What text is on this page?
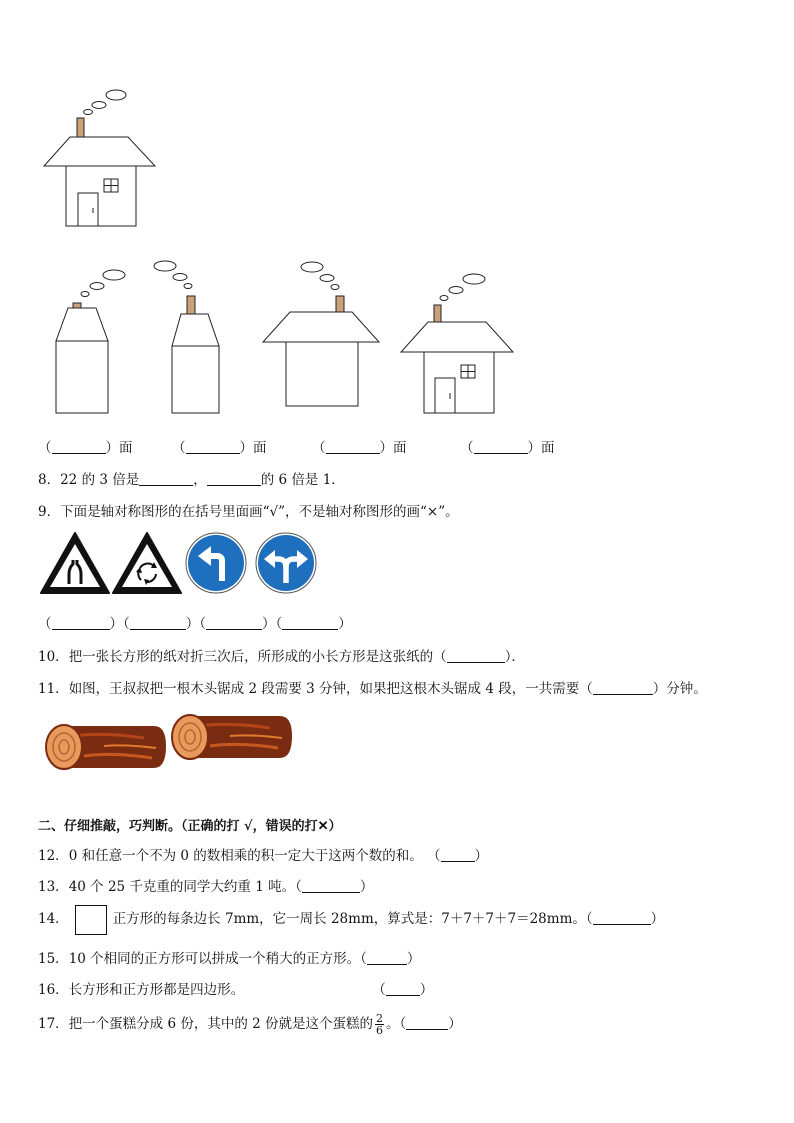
（	）面	（	）面	（	）面	（	）面
8．22 的 3 倍是	，	的 6 倍是 1．
9．下面是轴对称图形的在括号里面画“√”，不是轴对称图形的画“×”。
（	）（	）（	）（	）
10．把一张长方形的纸对折三次后，所形成的小长方形是这张纸的（	）．
11．如图，王叔叔把一根木头锯成 2 段需要 3 分钟，如果把这根木头锯成 4 段，一共需要（	）分钟。
二、仔细推敲，巧判断。（正确的打 √，错误的打✕）
12．0 和任意一个不为 0 的数相乘的积一定大于这两个数的和。 （	）
13．40 个 25 千克重的同学大约重 1 吨。（	）
14．	正方形的每条边长 7mm，它一周长 28mm，算式是：7＋7＋7＋7＝28mm。（	）
15．10 个相同的正方形可以拼成一个稍大的正方形。（	）
16．长方形和正方形都是四边形。	（	）
17．把一个蛋糕分成 6 份，其中的 2 份就是这个蛋糕的 $\frac{2}{6}$ 。（	）
